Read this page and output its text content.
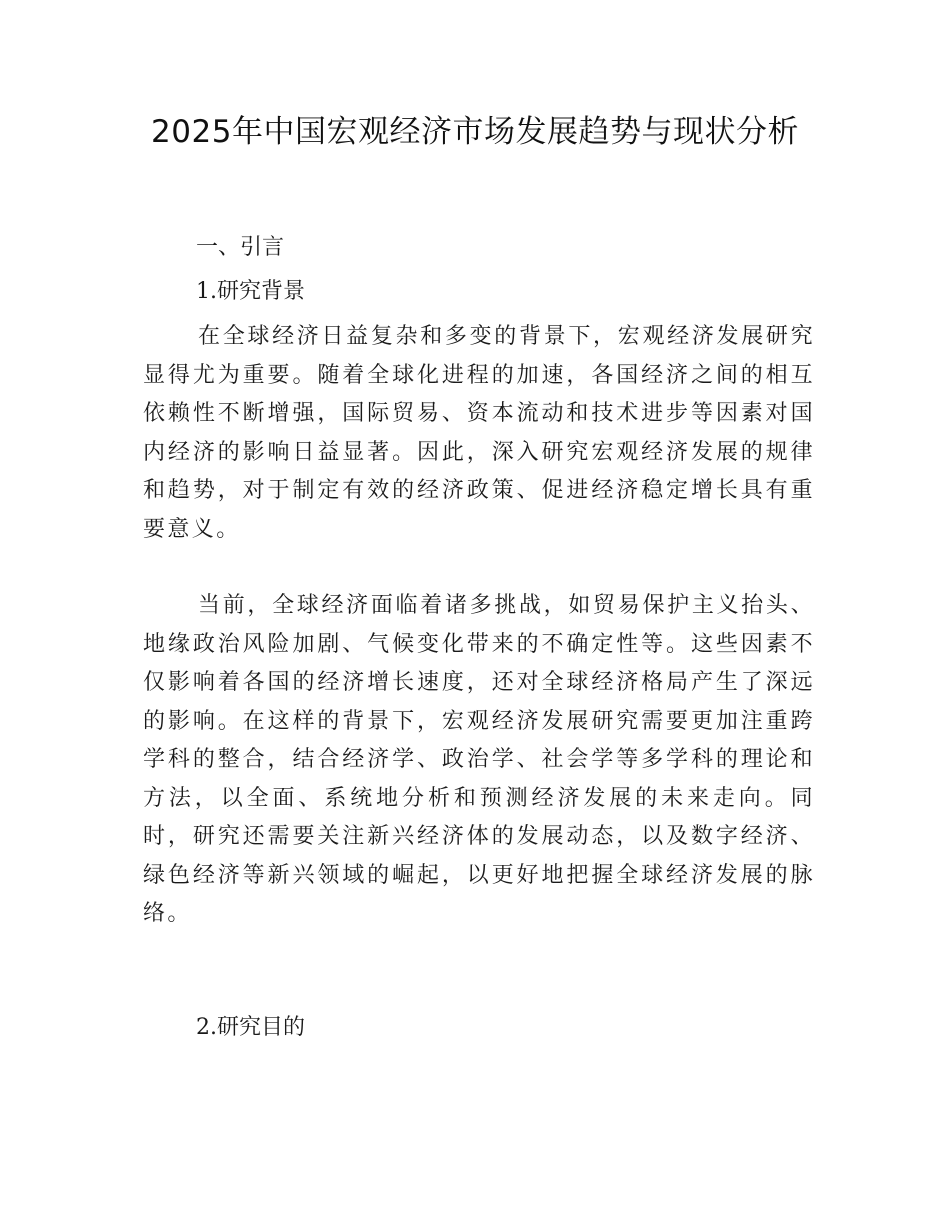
2025年中国宏观经济市场发展趋势与现状分析
一、引言
1.研究背景
在全球经济日益复杂和多变的背景下，宏观经济发展研究显得尤为重要。随着全球化进程的加速，各国经济之间的相互依赖性不断增强，国际贸易、资本流动和技术进步等因素对国内经济的影响日益显著。因此，深入研究宏观经济发展的规律和趋势，对于制定有效的经济政策、促进经济稳定增长具有重要意义。
当前，全球经济面临着诸多挑战，如贸易保护主义抬头、地缘政治风险加剧、气候变化带来的不确定性等。这些因素不仅影响着各国的经济增长速度，还对全球经济格局产生了深远的影响。在这样的背景下，宏观经济发展研究需要更加注重跨学科的整合，结合经济学、政治学、社会学等多学科的理论和方法，以全面、系统地分析和预测经济发展的未来走向。同时，研究还需要关注新兴经济体的发展动态，以及数字经济、绿色经济等新兴领域的崛起，以更好地把握全球经济发展的脉络。
2.研究目的
